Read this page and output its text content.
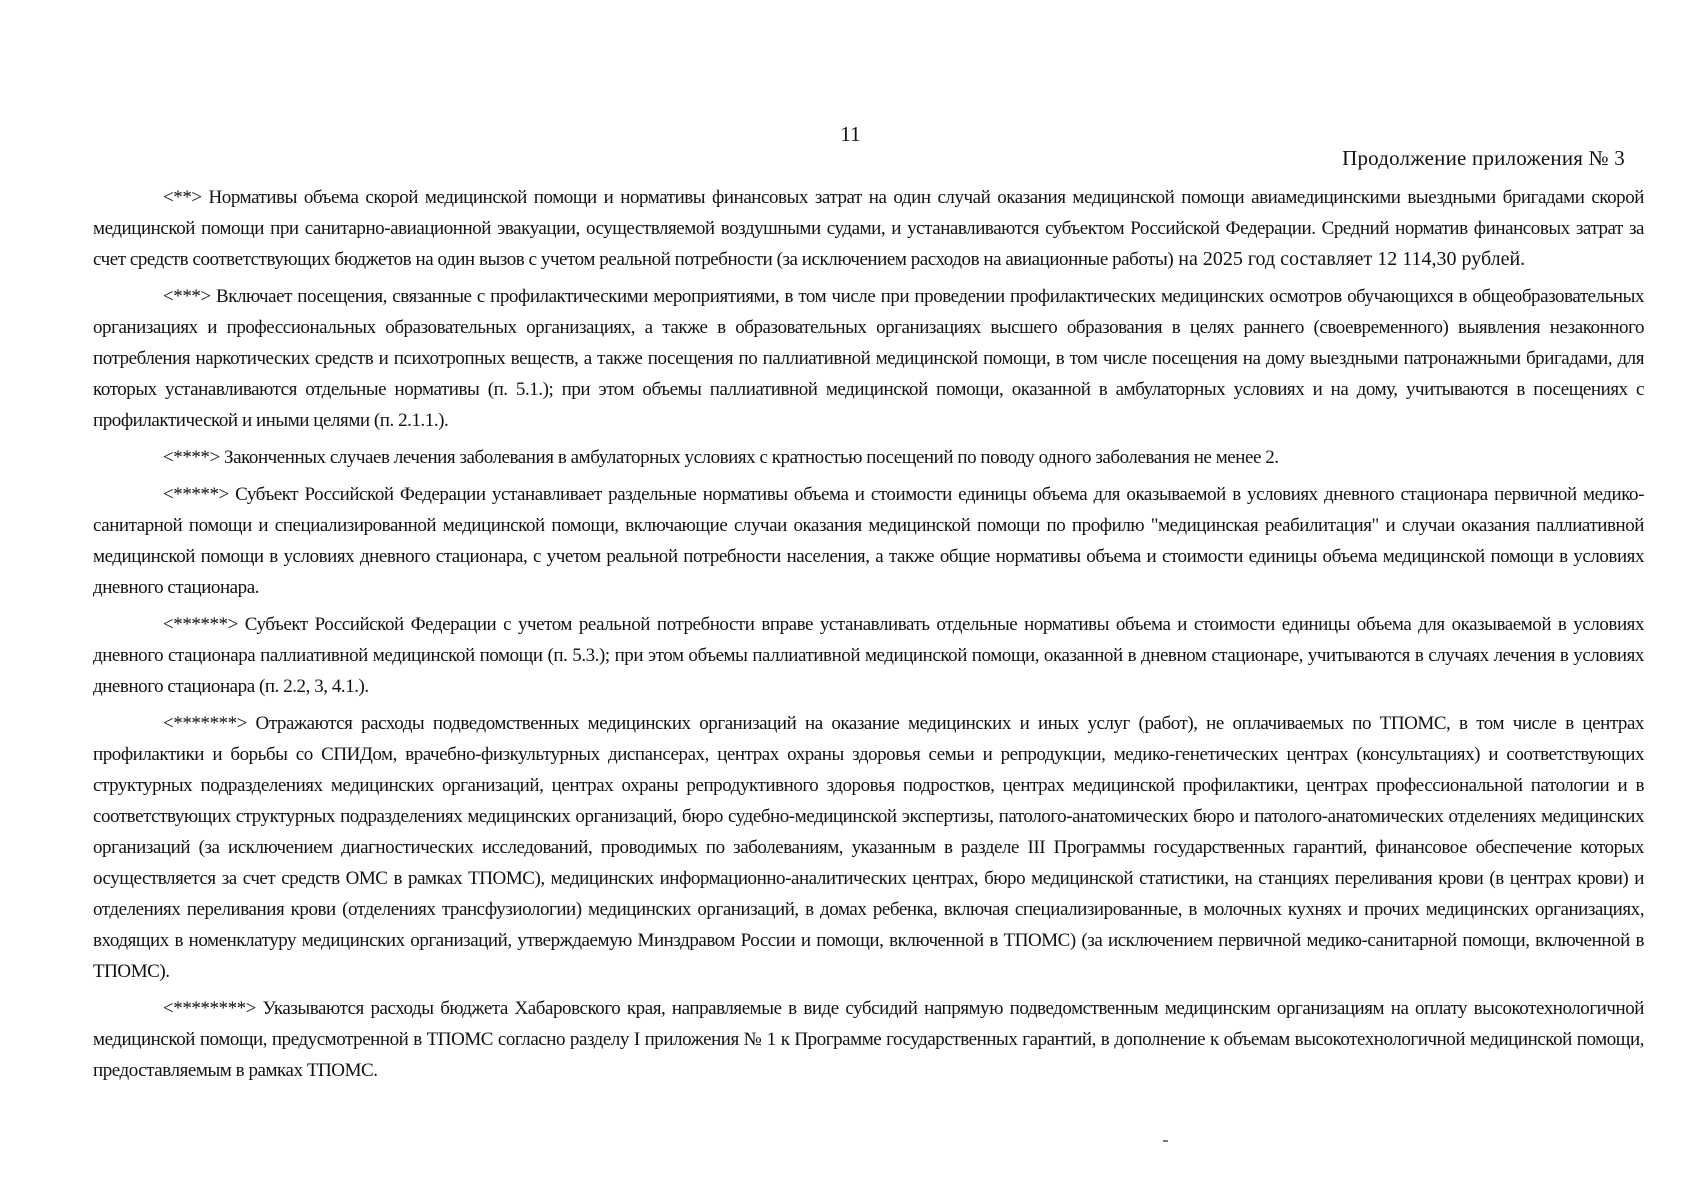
11
Продолжение приложения № 3

<**> Нормативы объема скорой медицинской помощи и нормативы финансовых затрат на один случай оказания медицинской помощи авиамедицинскими выездными бригадами скорой медицинской помощи при санитарно-авиационной эвакуации, осуществляемой воздушными судами, и устанавливаются субъектом Российской Федерации. Средний норматив финансовых затрат за счет средств соответствующих бюджетов на один вызов с учетом реальной потребности (за исключением расходов на авиационные работы) на 2025 год составляет 12 114,30 рублей.

<***> Включает посещения, связанные с профилактическими мероприятиями, в том числе при проведении профилактических медицинских осмотров обучающихся в общеобразовательных организациях и профессиональных образовательных организациях, а также в образовательных организациях высшего образования в целях раннего (своевременного) выявления незаконного потребления наркотических средств и психотропных веществ, а также посещения по паллиативной медицинской помощи, в том числе посещения на дому выездными патронажными бригадами, для которых устанавливаются отдельные нормативы (п. 5.1.); при этом объемы паллиативной медицинской помощи, оказанной в амбулаторных условиях и на дому, учитываются в посещениях с профилактической и иными целями (п. 2.1.1.).

<****> Законченных случаев лечения заболевания в амбулаторных условиях с кратностью посещений по поводу одного заболевания не менее 2.

<*****> Субъект Российской Федерации устанавливает раздельные нормативы объема и стоимости единицы объема для оказываемой в условиях дневного стационара первичной медико-санитарной помощи и специализированной медицинской помощи, включающие случаи оказания медицинской помощи по профилю "медицинская реабилитация" и случаи оказания паллиативной медицинской помощи в условиях дневного стационара, с учетом реальной потребности населения, а также общие нормативы объема и стоимости единицы объема медицинской помощи в условиях дневного стационара.

<******> Субъект Российской Федерации с учетом реальной потребности вправе устанавливать отдельные нормативы объема и стоимости единицы объема для оказываемой в условиях дневного стационара паллиативной медицинской помощи (п. 5.3.); при этом объемы паллиативной медицинской помощи, оказанной в дневном стационаре, учитываются в случаях лечения в условиях дневного стационара (п. 2.2, 3, 4.1.).

<*******> Отражаются расходы подведомственных медицинских организаций на оказание медицинских и иных услуг (работ), не оплачиваемых по ТПОМС, в том числе в центрах профилактики и борьбы со СПИДом, врачебно-физкультурных диспансерах, центрах охраны здоровья семьи и репродукции, медико-генетических центрах (консультациях) и соответствующих структурных подразделениях медицинских организаций, центрах охраны репродуктивного здоровья подростков, центрах медицинской профилактики, центрах профессиональной патологии и в соответствующих структурных подразделениях медицинских организаций, бюро судебно-медицинской экспертизы, патолого-анатомических бюро и патолого-анатомических отделениях медицинских организаций (за исключением диагностических исследований, проводимых по заболеваниям, указанным в разделе III Программы государственных гарантий, финансовое обеспечение которых осуществляется за счет средств ОМС в рамках ТПОМС), медицинских информационно-аналитических центрах, бюро медицинской статистики, на станциях переливания крови (в центрах крови) и отделениях переливания крови (отделениях трансфузиологии) медицинских организаций, в домах ребенка, включая специализированные, в молочных кухнях и прочих медицинских организациях, входящих в номенклатуру медицинских организаций, утверждаемую Минздравом России и помощи, включенной в ТПОМС) (за исключением первичной медико-санитарной помощи, включенной в ТПОМС).

<********> Указываются расходы бюджета Хабаровского края, направляемые в виде субсидий напрямую подведомственным медицинским организациям на оплату высокотехнологичной медицинской помощи, предусмотренной в ТПОМС согласно разделу I приложения № 1 к Программе государственных гарантий, в дополнение к объемам высокотехнологичной медицинской помощи, предоставляемым в рамках ТПОМС.
